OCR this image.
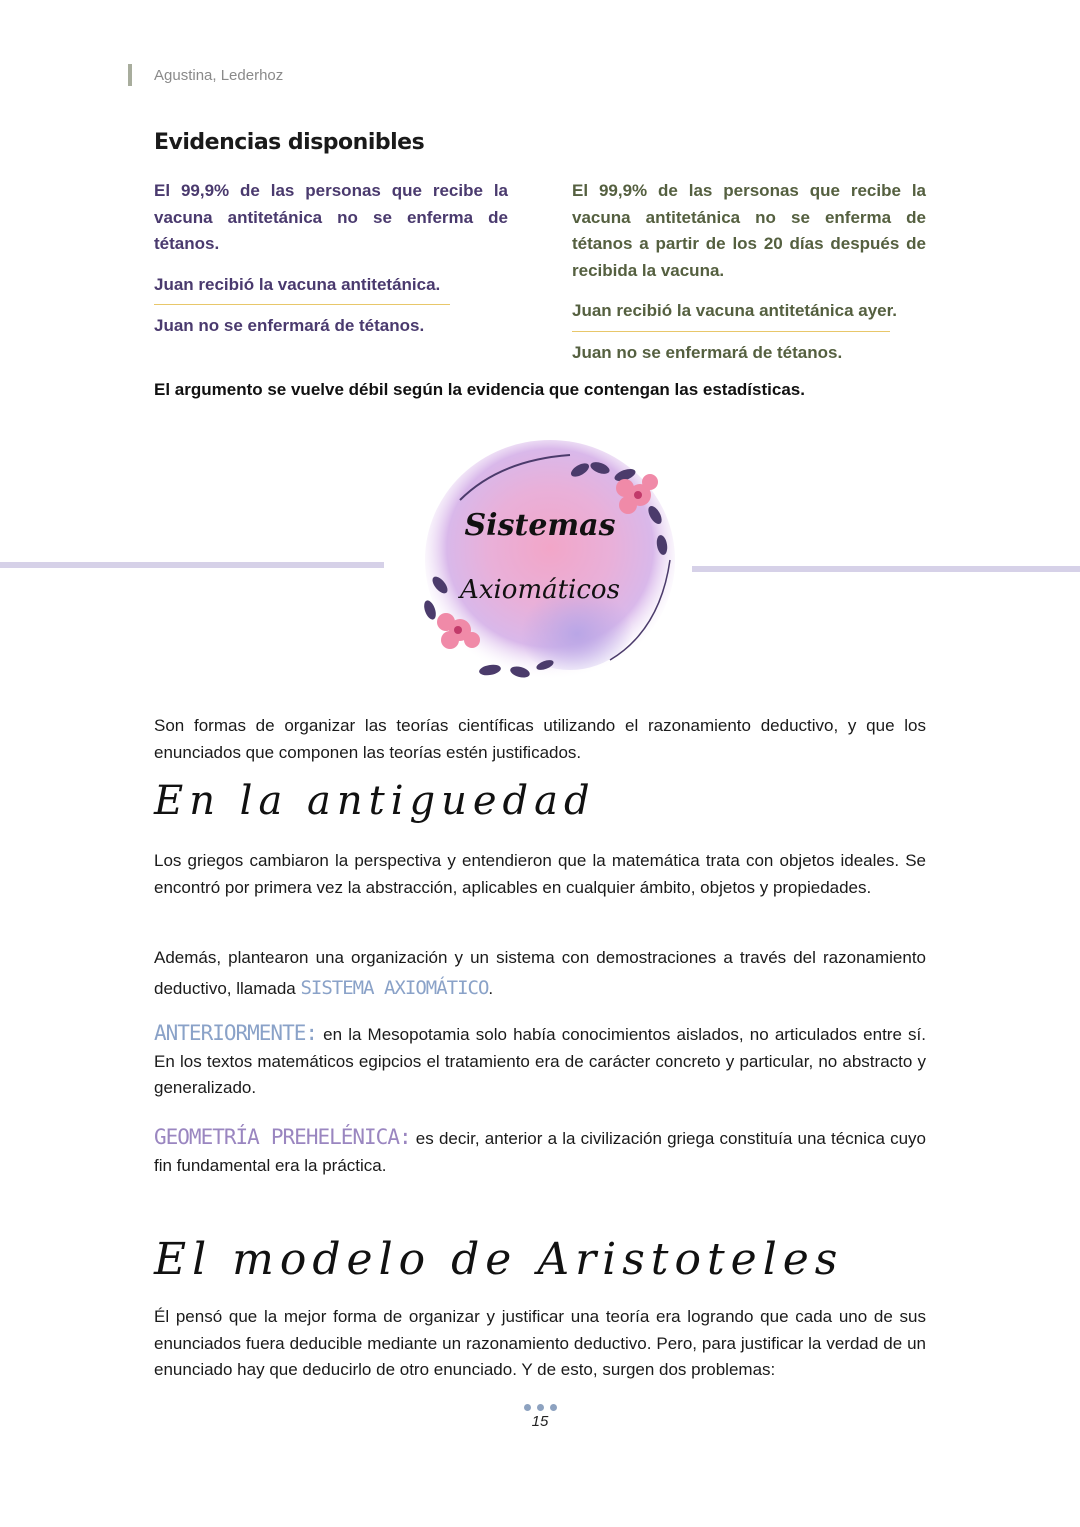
Agustina, Lederhoz
Evidencias disponibles

El 99,9% de las personas que recibe la vacuna antitetánica no se enferma de tétanos.

Juan recibió la vacuna antitetánica.

Juan no se enfermará de tétanos.

El 99,9% de las personas que recibe la vacuna antitetánica no se enferma de tétanos a partir de los 20 días después de recibida la vacuna.

Juan recibió la vacuna antitetánica ayer.

Juan no se enfermará de tétanos.

El argumento se vuelve débil según la evidencia que contengan las estadísticas.
Sistemas
Axiomáticos

Son formas de organizar las teorías científicas utilizando el razonamiento deductivo, y que los enunciados que componen las teorías estén justificados.

En la antiguedad

Los griegos cambiaron la perspectiva y entendieron que la matemática trata con objetos ideales. Se encontró por primera vez la abstracción, aplicables en cualquier ámbito, objetos y propiedades.

Además, plantearon una organización y un sistema con demostraciones a través del razonamiento deductivo, llamada SISTEMA AXIOMÁTICO.

ANTERIORMENTE: en la Mesopotamia solo había conocimientos aislados, no articulados entre sí. En los textos matemáticos egipcios el tratamiento era de carácter concreto y particular, no abstracto y generalizado.

GEOMETRÍA PREHELÉNICA: es decir, anterior a la civilización griega constituía una técnica cuyo fin fundamental era la práctica.

El modelo de Aristoteles

Él pensó que la mejor forma de organizar y justificar una teoría era logrando que cada uno de sus enunciados fuera deducible mediante un razonamiento deductivo. Pero, para justificar la verdad de un enunciado hay que deducirlo de otro enunciado. Y de esto, surgen dos problemas:

15
